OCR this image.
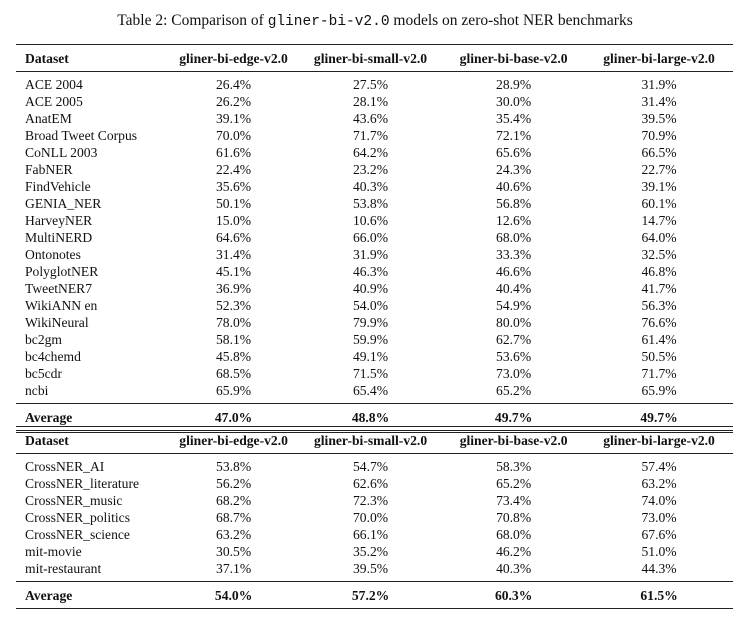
Table 2: Comparison of gliner-bi-v2.0 models on zero-shot NER benchmarks
Dataset	gliner-bi-edge-v2.0	gliner-bi-small-v2.0	gliner-bi-base-v2.0	gliner-bi-large-v2.0

ACE 2004	26.4%	27.5%	28.9%	31.9%
ACE 2005	26.2%	28.1%	30.0%	31.4%
AnatEM	39.1%	43.6%	35.4%	39.5%
Broad Tweet Corpus	70.0%	71.7%	72.1%	70.9%
CoNLL 2003	61.6%	64.2%	65.6%	66.5%
FabNER	22.4%	23.2%	24.3%	22.7%
FindVehicle	35.6%	40.3%	40.6%	39.1%
GENIA_NER	50.1%	53.8%	56.8%	60.1%
HarveyNER	15.0%	10.6%	12.6%	14.7%
MultiNERD	64.6%	66.0%	68.0%	64.0%
Ontonotes	31.4%	31.9%	33.3%	32.5%
PolyglotNER	45.1%	46.3%	46.6%	46.8%
TweetNER7	36.9%	40.9%	40.4%	41.7%
WikiANN en	52.3%	54.0%	54.9%	56.3%
WikiNeural	78.0%	79.9%	80.0%	76.6%
bc2gm	58.1%	59.9%	62.7%	61.4%
bc4chemd	45.8%	49.1%	53.6%	50.5%
bc5cdr	68.5%	71.5%	73.0%	71.7%
ncbi	65.9%	65.4%	65.2%	65.9%

Average	47.0%	48.8%	49.7%	49.7%
Dataset	gliner-bi-edge-v2.0	gliner-bi-small-v2.0	gliner-bi-base-v2.0	gliner-bi-large-v2.0

CrossNER_AI	53.8%	54.7%	58.3%	57.4%
CrossNER_literature	56.2%	62.6%	65.2%	63.2%
CrossNER_music	68.2%	72.3%	73.4%	74.0%
CrossNER_politics	68.7%	70.0%	70.8%	73.0%
CrossNER_science	63.2%	66.1%	68.0%	67.6%
mit-movie	30.5%	35.2%	46.2%	51.0%
mit-restaurant	37.1%	39.5%	40.3%	44.3%

Average	54.0%	57.2%	60.3%	61.5%
